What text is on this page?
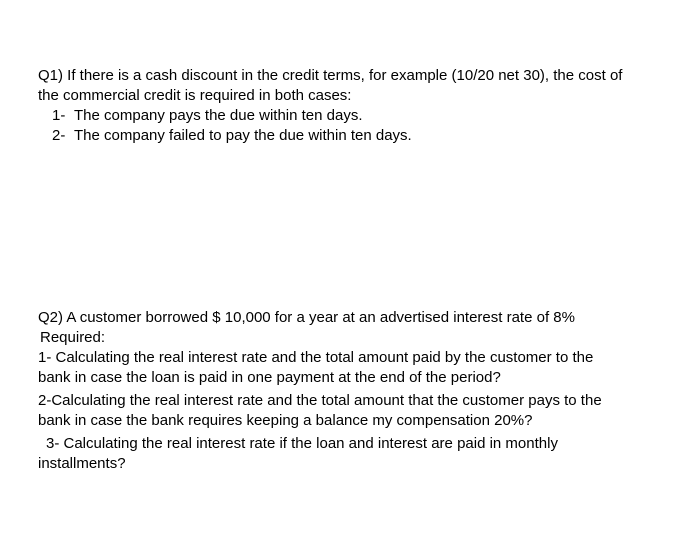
Q1) If there is a cash discount in the credit terms, for example (10/20 net 30), the cost of
the commercial credit is required in both cases:
1- The company pays the due within ten days.
2- The company failed to pay the due within ten days.
Q2) A customer borrowed $ 10,000 for a year at an advertised interest rate of 8%
Required:
1- Calculating the real interest rate and the total amount paid by the customer to the
bank in case the loan is paid in one payment at the end of the period?
2-Calculating the real interest rate and the total amount that the customer pays to the
bank in case the bank requires keeping a balance my compensation 20%?
3- Calculating the real interest rate if the loan and interest are paid in monthly
installments?
